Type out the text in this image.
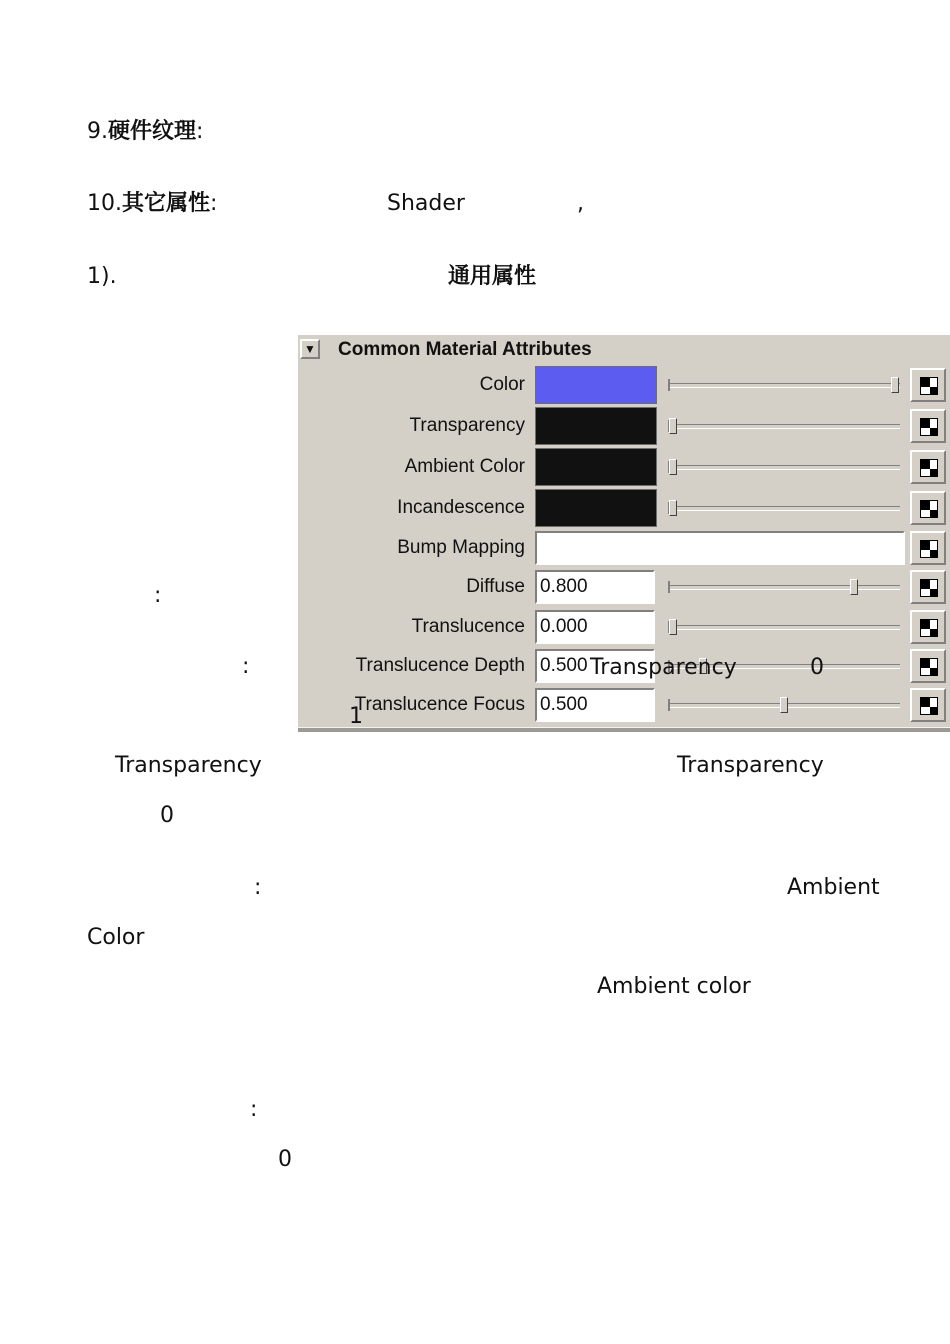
9.硬件纹理:
10.其它属性:	Shader	,
1).	通用属性
:
:
▼ Common Material Attributes
Color
Transparency
Ambient Color
Incandescence
Bump Mapping
Diffuse 0.800
Translucence 0.000
Translucence Depth 0.500
Translucence Focus 0.500
Transparency	0
1
Transparency	Transparency
0
:	Ambient
Color
Ambient color
:
0
